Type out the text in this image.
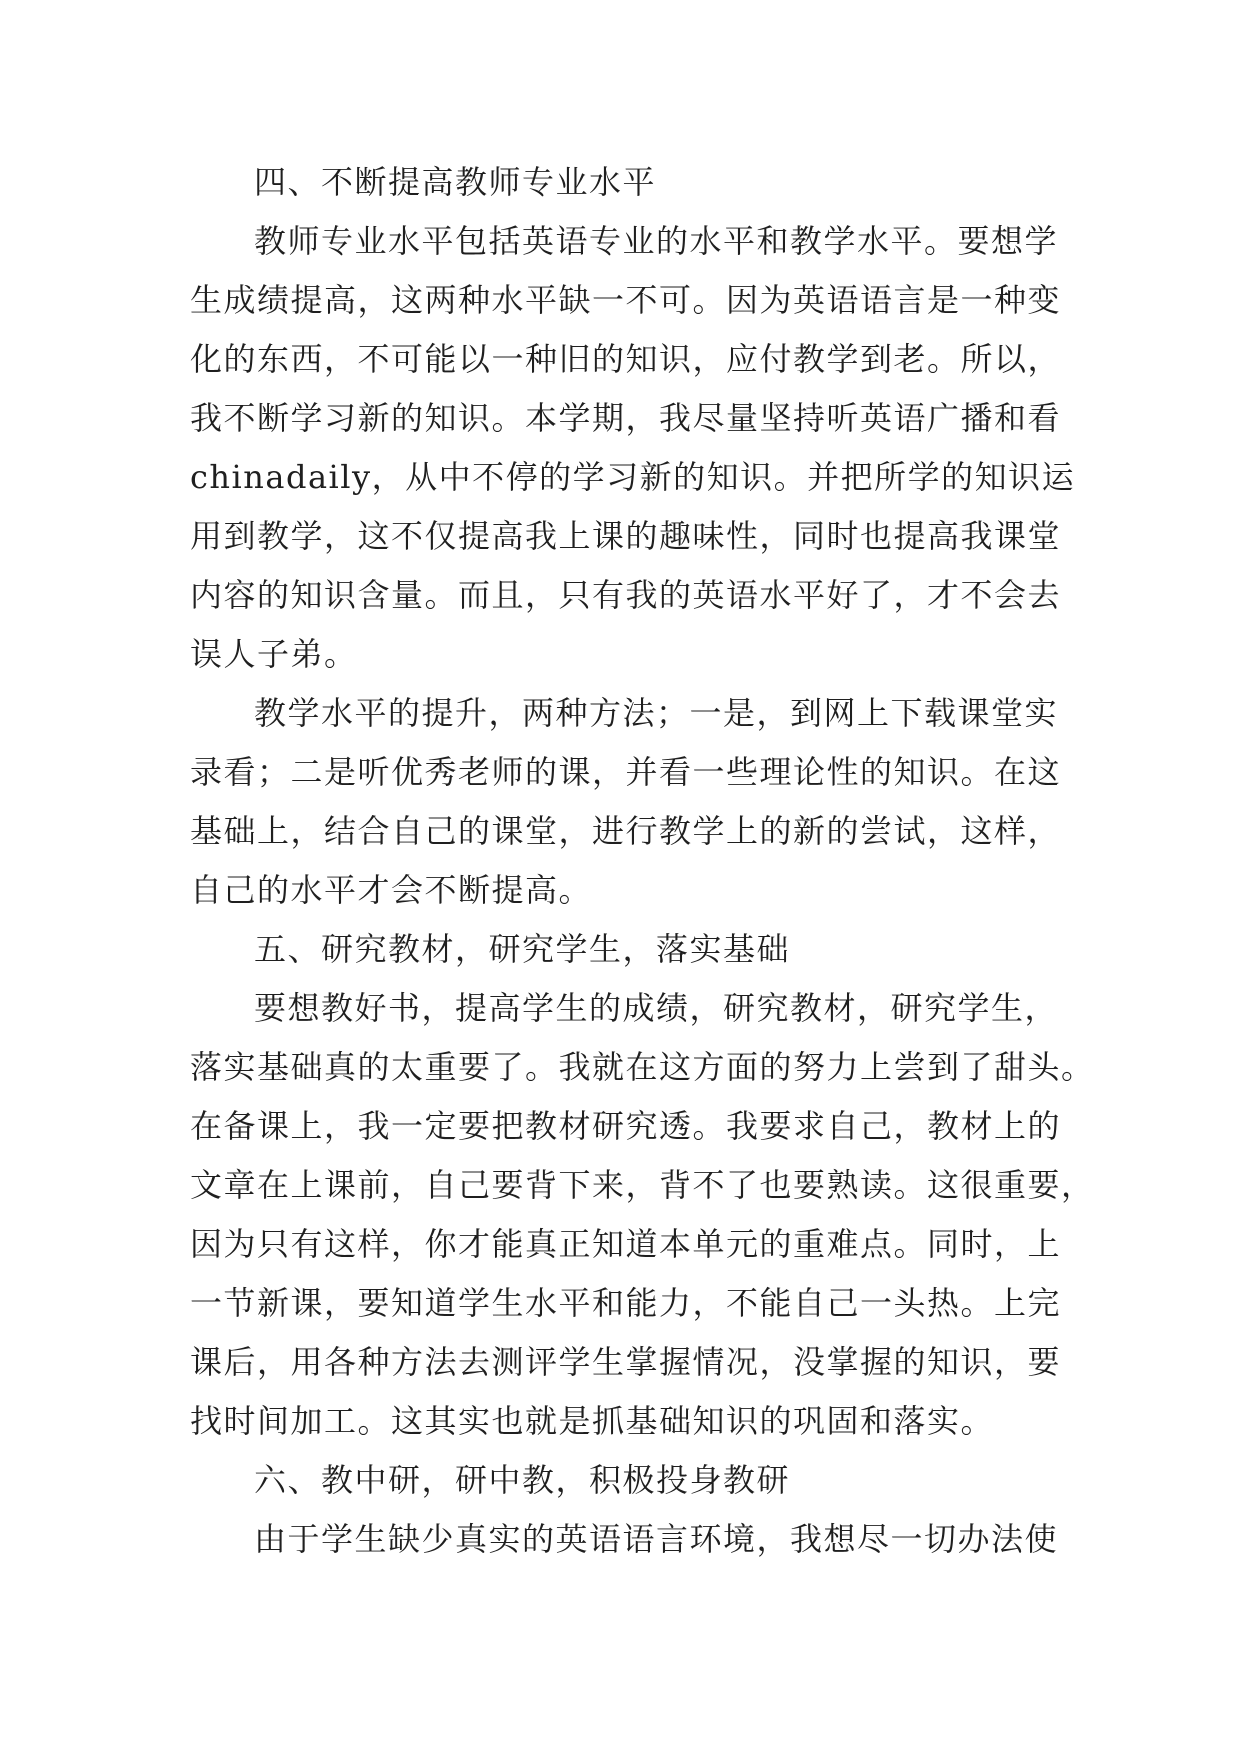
四、不断提高教师专业水平
教师专业水平包括英语专业的水平和教学水平。要想学
生成绩提高，这两种水平缺一不可。因为英语语言是一种变
化的东西，不可能以一种旧的知识，应付教学到老。所以，
我不断学习新的知识。本学期，我尽量坚持听英语广播和看
chinadaily，从中不停的学习新的知识。并把所学的知识运
用到教学，这不仅提高我上课的趣味性，同时也提高我课堂
内容的知识含量。而且，只有我的英语水平好了，才不会去
误人子弟。
教学水平的提升，两种方法；一是，到网上下载课堂实
录看；二是听优秀老师的课，并看一些理论性的知识。在这
基础上，结合自己的课堂，进行教学上的新的尝试，这样，
自己的水平才会不断提高。
五、研究教材，研究学生，落实基础
要想教好书，提高学生的成绩，研究教材，研究学生，
落实基础真的太重要了。我就在这方面的努力上尝到了甜头。
在备课上，我一定要把教材研究透。我要求自己，教材上的
文章在上课前，自己要背下来，背不了也要熟读。这很重要，
因为只有这样，你才能真正知道本单元的重难点。同时，上
一节新课，要知道学生水平和能力，不能自己一头热。上完
课后，用各种方法去测评学生掌握情况，没掌握的知识，要
找时间加工。这其实也就是抓基础知识的巩固和落实。
六、教中研，研中教，积极投身教研
由于学生缺少真实的英语语言环境，我想尽一切办法使
